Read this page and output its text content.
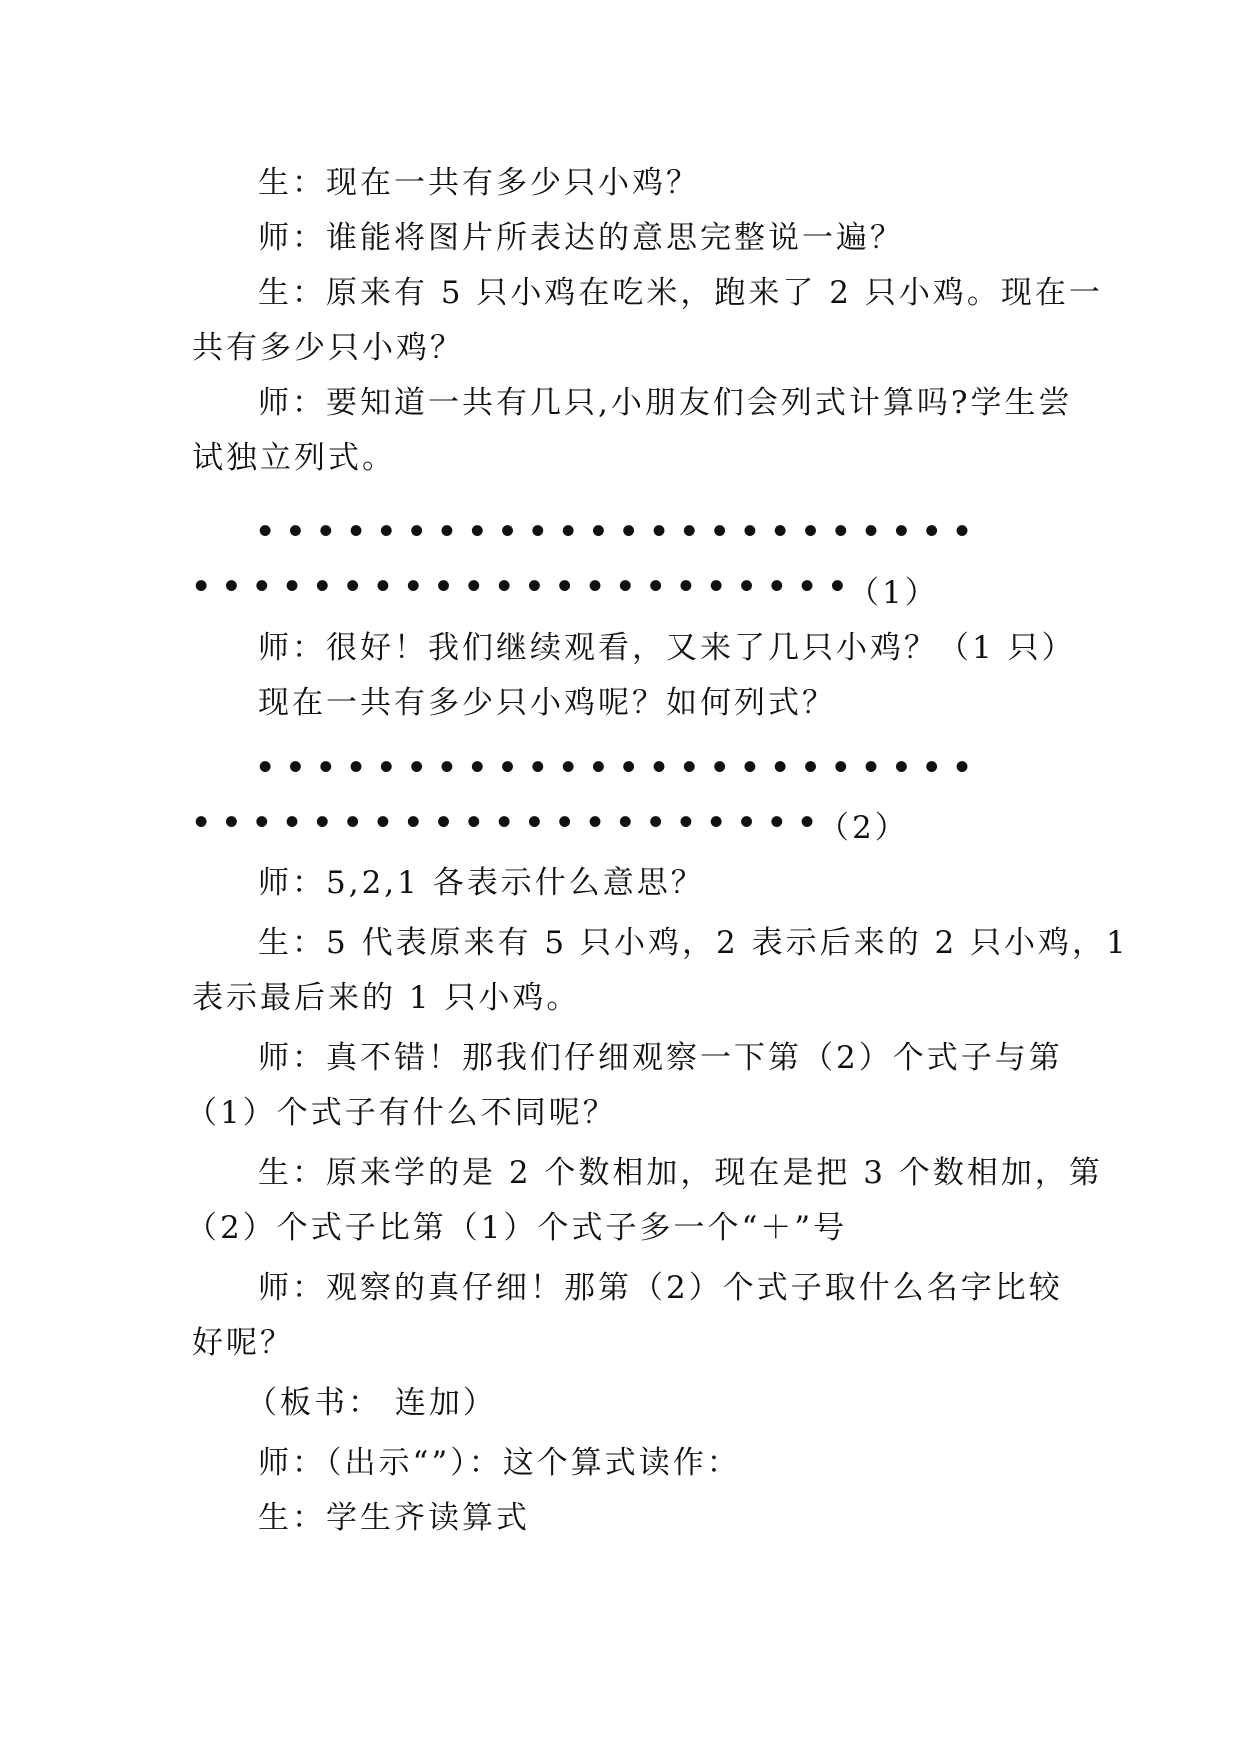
生：现在一共有多少只小鸡？
师：谁能将图片所表达的意思完整说一遍？
生：原来有 5 只小鸡在吃米，跑来了 2 只小鸡。现在一
共有多少只小鸡？
师：要知道一共有几只,小朋友们会列式计算吗?学生尝
试独立列式。
• • • • • • • • • • • • • • • • • • • • • • • •
• • • • • • • • • • • • • • • • • • • • • • （1）
师：很好！我们继续观看，又来了几只小鸡？（1 只）
现在一共有多少只小鸡呢？如何列式？
• • • • • • • • • • • • • • • • • • • • • • • •
• • • • • • • • • • • • • • • • • • • • • （2）
师：5,2,1 各表示什么意思？
生：5 代表原来有 5 只小鸡，2 表示后来的 2 只小鸡，1
表示最后来的 1 只小鸡。
师：真不错！那我们仔细观察一下第（2）个式子与第
（1）个式子有什么不同呢？
生：原来学的是 2 个数相加，现在是把 3 个数相加，第
（2）个式子比第（1）个式子多一个“＋”号
师：观察的真仔细！那第（2）个式子取什么名字比较
好呢？
（板书： 连加）
师：（出示“”）：这个算式读作：
生：学生齐读算式
